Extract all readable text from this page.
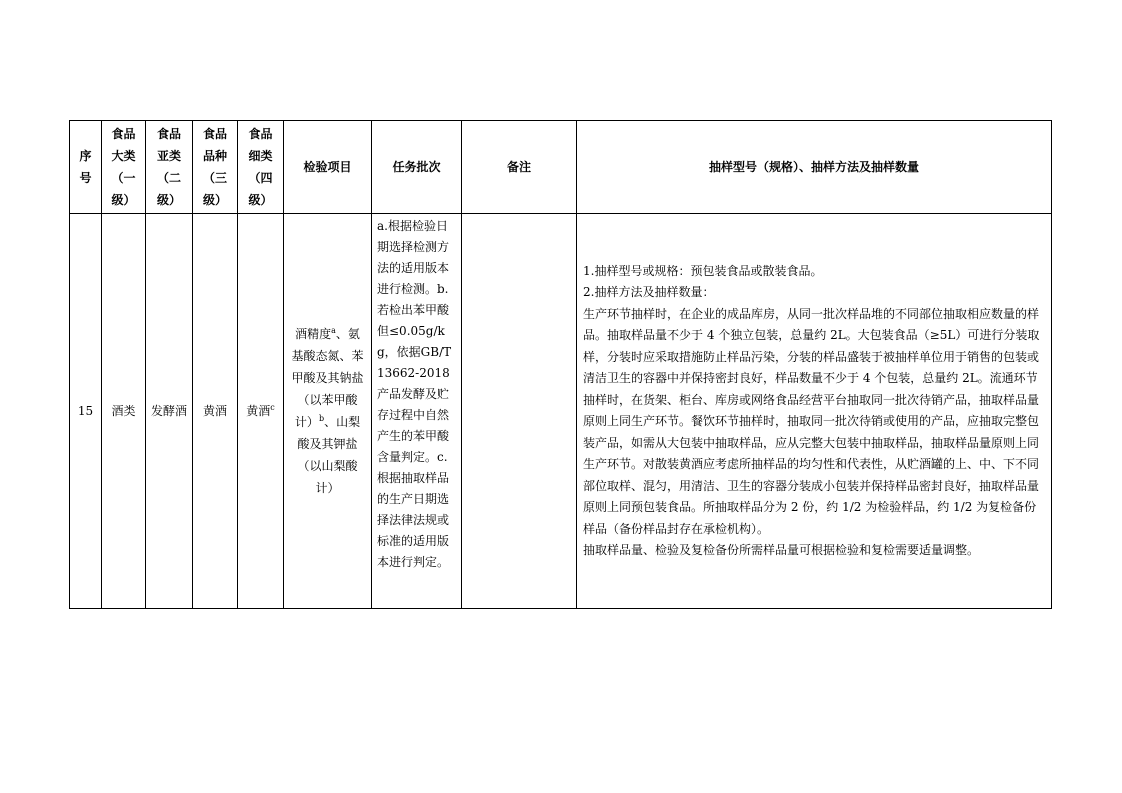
序号	食品大类（一级）	食品亚类（二级）	食品品种（三级）	食品细类（四级）	检验项目	任务批次	备注	抽样型号（规格）、抽样方法及抽样数量
15	酒类	发酵酒	黄酒	黄酒$^c$	酒精度$^a$、氨基酸态氮、苯甲酸及其钠盐（以苯甲酸计）$^b$、山梨酸及其钾盐（以山梨酸计）	a.根据检验日期选择检测方法的适用版本进行检测。b.若检出苯甲酸但≤0.05g/kg，依据GB/T13662-2018产品发酵及贮存过程中自然产生的苯甲酸含量判定。c.根据抽取样品的生产日期选择法律法规或标准的适用版本进行判定。		1.抽样型号或规格：预包装食品或散装食品。

2.抽样方法及抽样数量：

生产环节抽样时，在企业的成品库房，从同一批次样品堆的不同部位抽取相应数量的样品。抽取样品量不少于 4 个独立包装，总量约 2L。大包装食品（≥5L）可进行分装取样，分装时应采取措施防止样品污染，分装的样品盛装于被抽样单位用于销售的包装或清洁卫生的容器中并保持密封良好，样品数量不少于 4 个包装，总量约 2L。流通环节抽样时，在货架、柜台、库房或网络食品经营平台抽取同一批次待销产品，抽取样品量原则上同生产环节。餐饮环节抽样时，抽取同一批次待销或使用的产品，应抽取完整包装产品，如需从大包装中抽取样品，应从完整大包装中抽取样品，抽取样品量原则上同生产环节。对散装黄酒应考虑所抽样品的均匀性和代表性，从贮酒罐的上、中、下不同部位取样、混匀，用清洁、卫生的容器分装成小包装并保持样品密封良好，抽取样品量原则上同预包装食品。所抽取样品分为 2 份，约 1/2 为检验样品，约 1/2 为复检备份样品（备份样品封存在承检机构）。

抽取样品量、检验及复检备份所需样品量可根据检验和复检需要适量调整。
